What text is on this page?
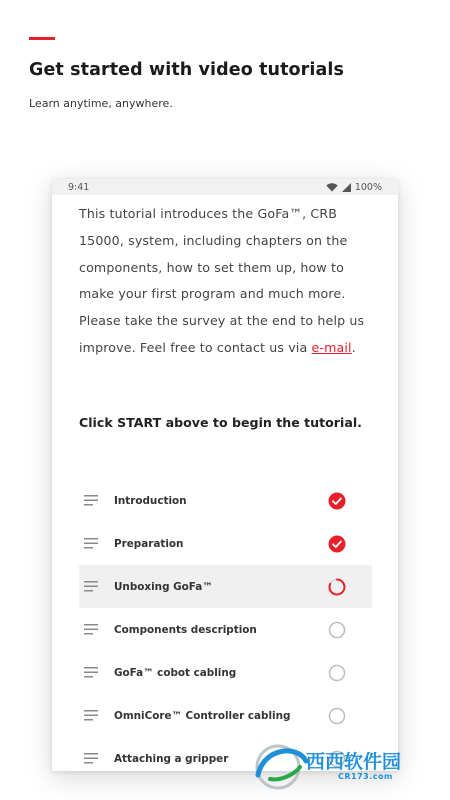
Get started with video tutorials

Learn anytime, anywhere.

9:41	100%

This tutorial introduces the GoFa™, CRB 15000, system, including chapters on the components, how to set them up, how to make your first program and much more. Please take the survey at the end to help us improve. Feel free to contact us via e-mail.

Click START above to begin the tutorial.

Introduction
Preparation
Unboxing GoFa™
Components description
GoFa™ cobot cabling
OmniCore™ Controller cabling
Attaching a gripper	西西软件园
CR173.com
